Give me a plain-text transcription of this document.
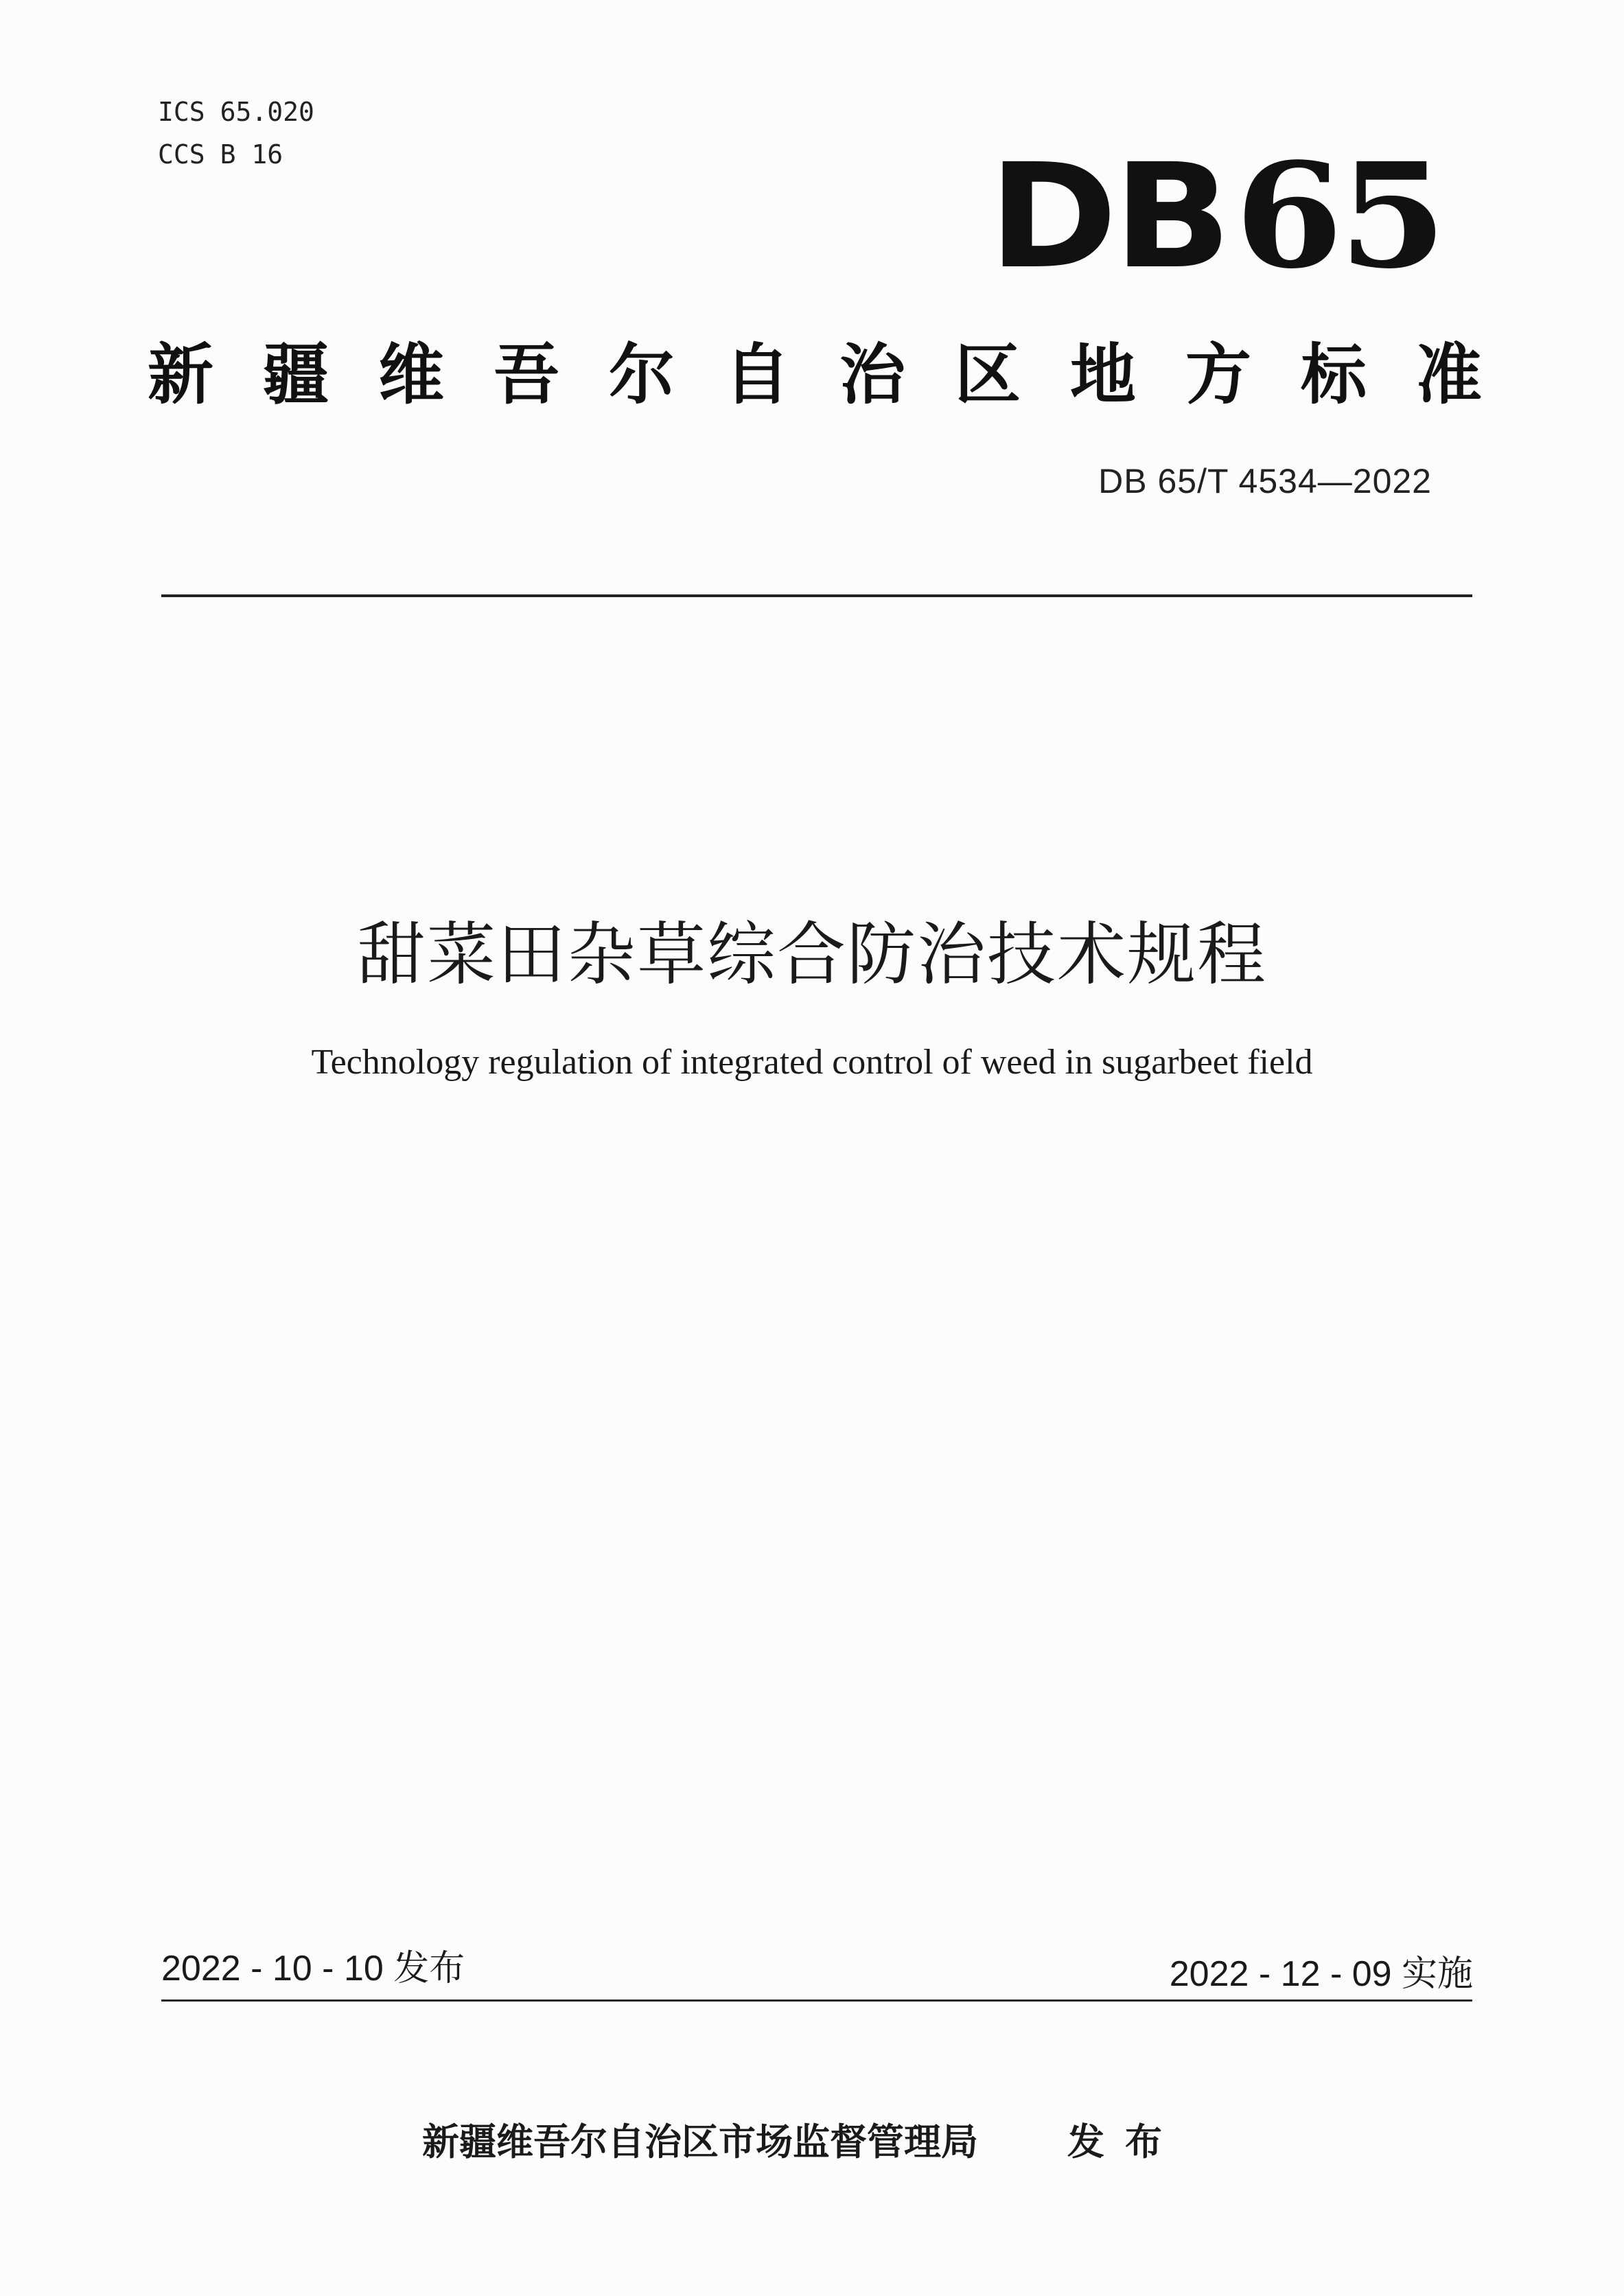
ICS 65.020
CCS B 16	DB65
新疆维吾尔自治区地方标准
DB 65/T 4534—2022
甜菜田杂草综合防治技术规程
Technology regulation of integrated control of weed in sugarbeet field
2022 - 10 - 10 发布	2022 - 12 - 09 实施
新疆维吾尔自治区市场监督管理局 发布
